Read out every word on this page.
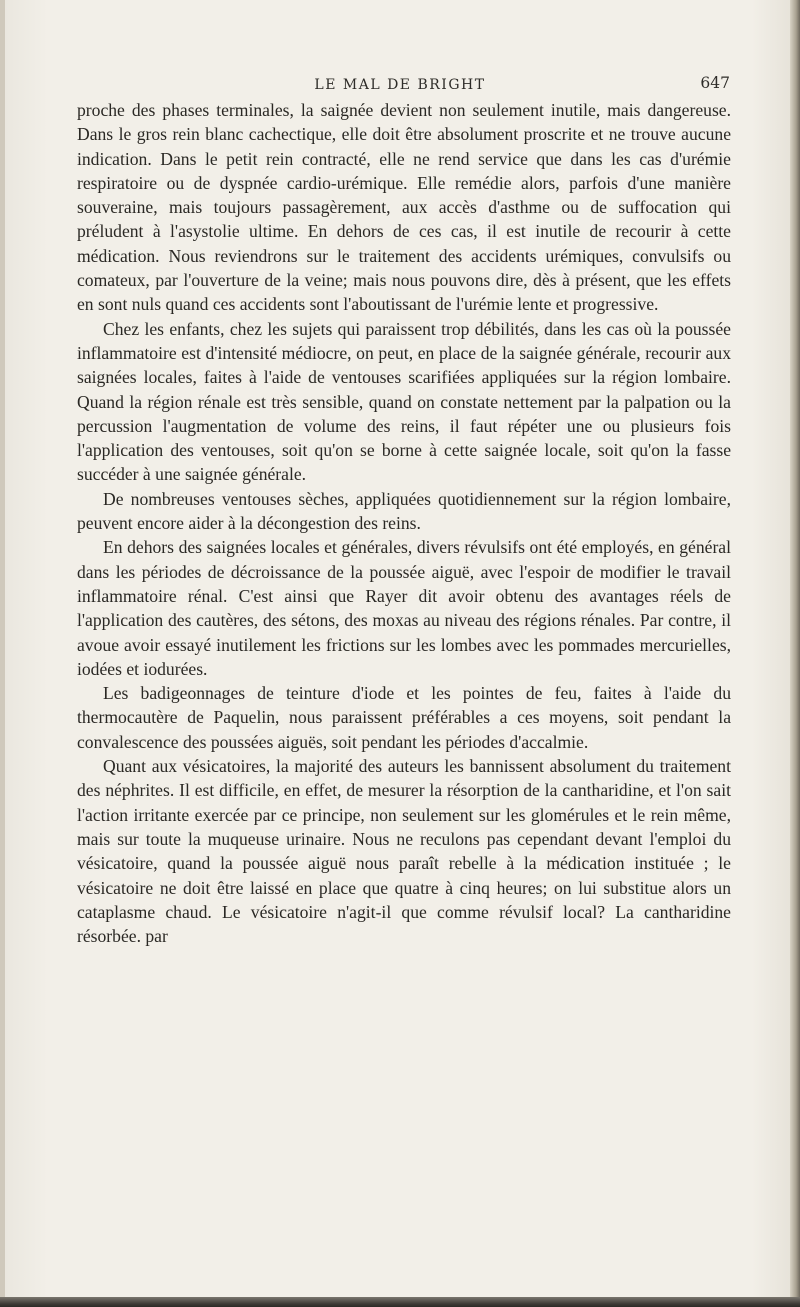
LE MAL DE BRIGHT	647

proche des phases terminales, la saignée devient non seulement inutile, mais dangereuse. Dans le gros rein blanc cachectique, elle doit être absolument proscrite et ne trouve aucune indication. Dans le petit rein contracté, elle ne rend service que dans les cas d'urémie respiratoire ou de dyspnée cardio-urémique. Elle remédie alors, parfois d'une manière souveraine, mais toujours passagèrement, aux accès d'asthme ou de suffocation qui préludent à l'asystolie ultime. En dehors de ces cas, il est inutile de recourir à cette médication. Nous reviendrons sur le traitement des accidents urémiques, convulsifs ou comateux, par l'ouverture de la veine; mais nous pouvons dire, dès à présent, que les effets en sont nuls quand ces accidents sont l'aboutissant de l'urémie lente et progressive.

Chez les enfants, chez les sujets qui paraissent trop débilités, dans les cas où la poussée inflammatoire est d'intensité médiocre, on peut, en place de la saignée générale, recourir aux saignées locales, faites à l'aide de ventouses scarifiées appliquées sur la région lombaire. Quand la région rénale est très sensible, quand on constate nettement par la palpation ou la percussion l'augmentation de volume des reins, il faut répéter une ou plusieurs fois l'application des ventouses, soit qu'on se borne à cette saignée locale, soit qu'on la fasse succéder à une saignée générale.

De nombreuses ventouses sèches, appliquées quotidiennement sur la région lombaire, peuvent encore aider à la décongestion des reins.

En dehors des saignées locales et générales, divers révulsifs ont été employés, en général dans les périodes de décroissance de la poussée aiguë, avec l'espoir de modifier le travail inflammatoire rénal. C'est ainsi que Rayer dit avoir obtenu des avantages réels de l'application des cautères, des sétons, des moxas au niveau des régions rénales. Par contre, il avoue avoir essayé inutilement les frictions sur les lombes avec les pommades mercurielles, iodées et iodurées.

Les badigeonnages de teinture d'iode et les pointes de feu, faites à l'aide du thermocautère de Paquelin, nous paraissent préférables a ces moyens, soit pendant la convalescence des poussées aiguës, soit pendant les périodes d'accalmie.

Quant aux vésicatoires, la majorité des auteurs les bannissent absolument du traitement des néphrites. Il est difficile, en effet, de mesurer la résorption de la cantharidine, et l'on sait l'action irritante exercée par ce principe, non seulement sur les glomérules et le rein même, mais sur toute la muqueuse urinaire. Nous ne reculons pas cependant devant l'emploi du vésicatoire, quand la poussée aiguë nous paraît rebelle à la médication instituée ; le vésicatoire ne doit être laissé en place que quatre à cinq heures; on lui substitue alors un cataplasme chaud. Le vésicatoire n'agit-il que comme révulsif local? La cantharidine résorbée. par
